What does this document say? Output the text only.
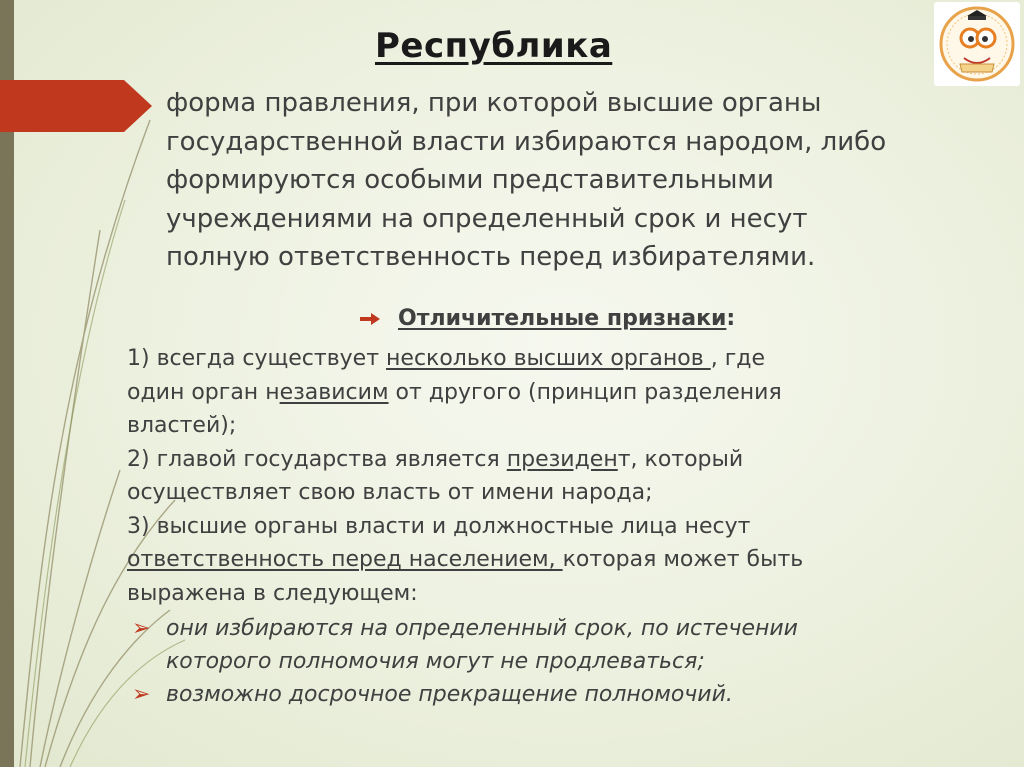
Республика
форма правления, при которой высшие органы
государственной власти избираются народом, либо
формируются особыми представительными
учреждениями на определенный срок и несут
полную ответственность перед избирателями.
Отличительные признаки :
1) всегда существует несколько высших органов , где
один орган независим от другого (принцип разделения
властей);
2) главой государства является президент, который
осуществляет свою власть от имени народа;
3) высшие органы власти и должностные лица несут
ответственность перед населением, которая может быть
выражена в следующем:
➢ они избираются на определенный срок, по истечении
которого полномочия могут не продлеваться;
➢ возможно досрочное прекращение полномочий.
